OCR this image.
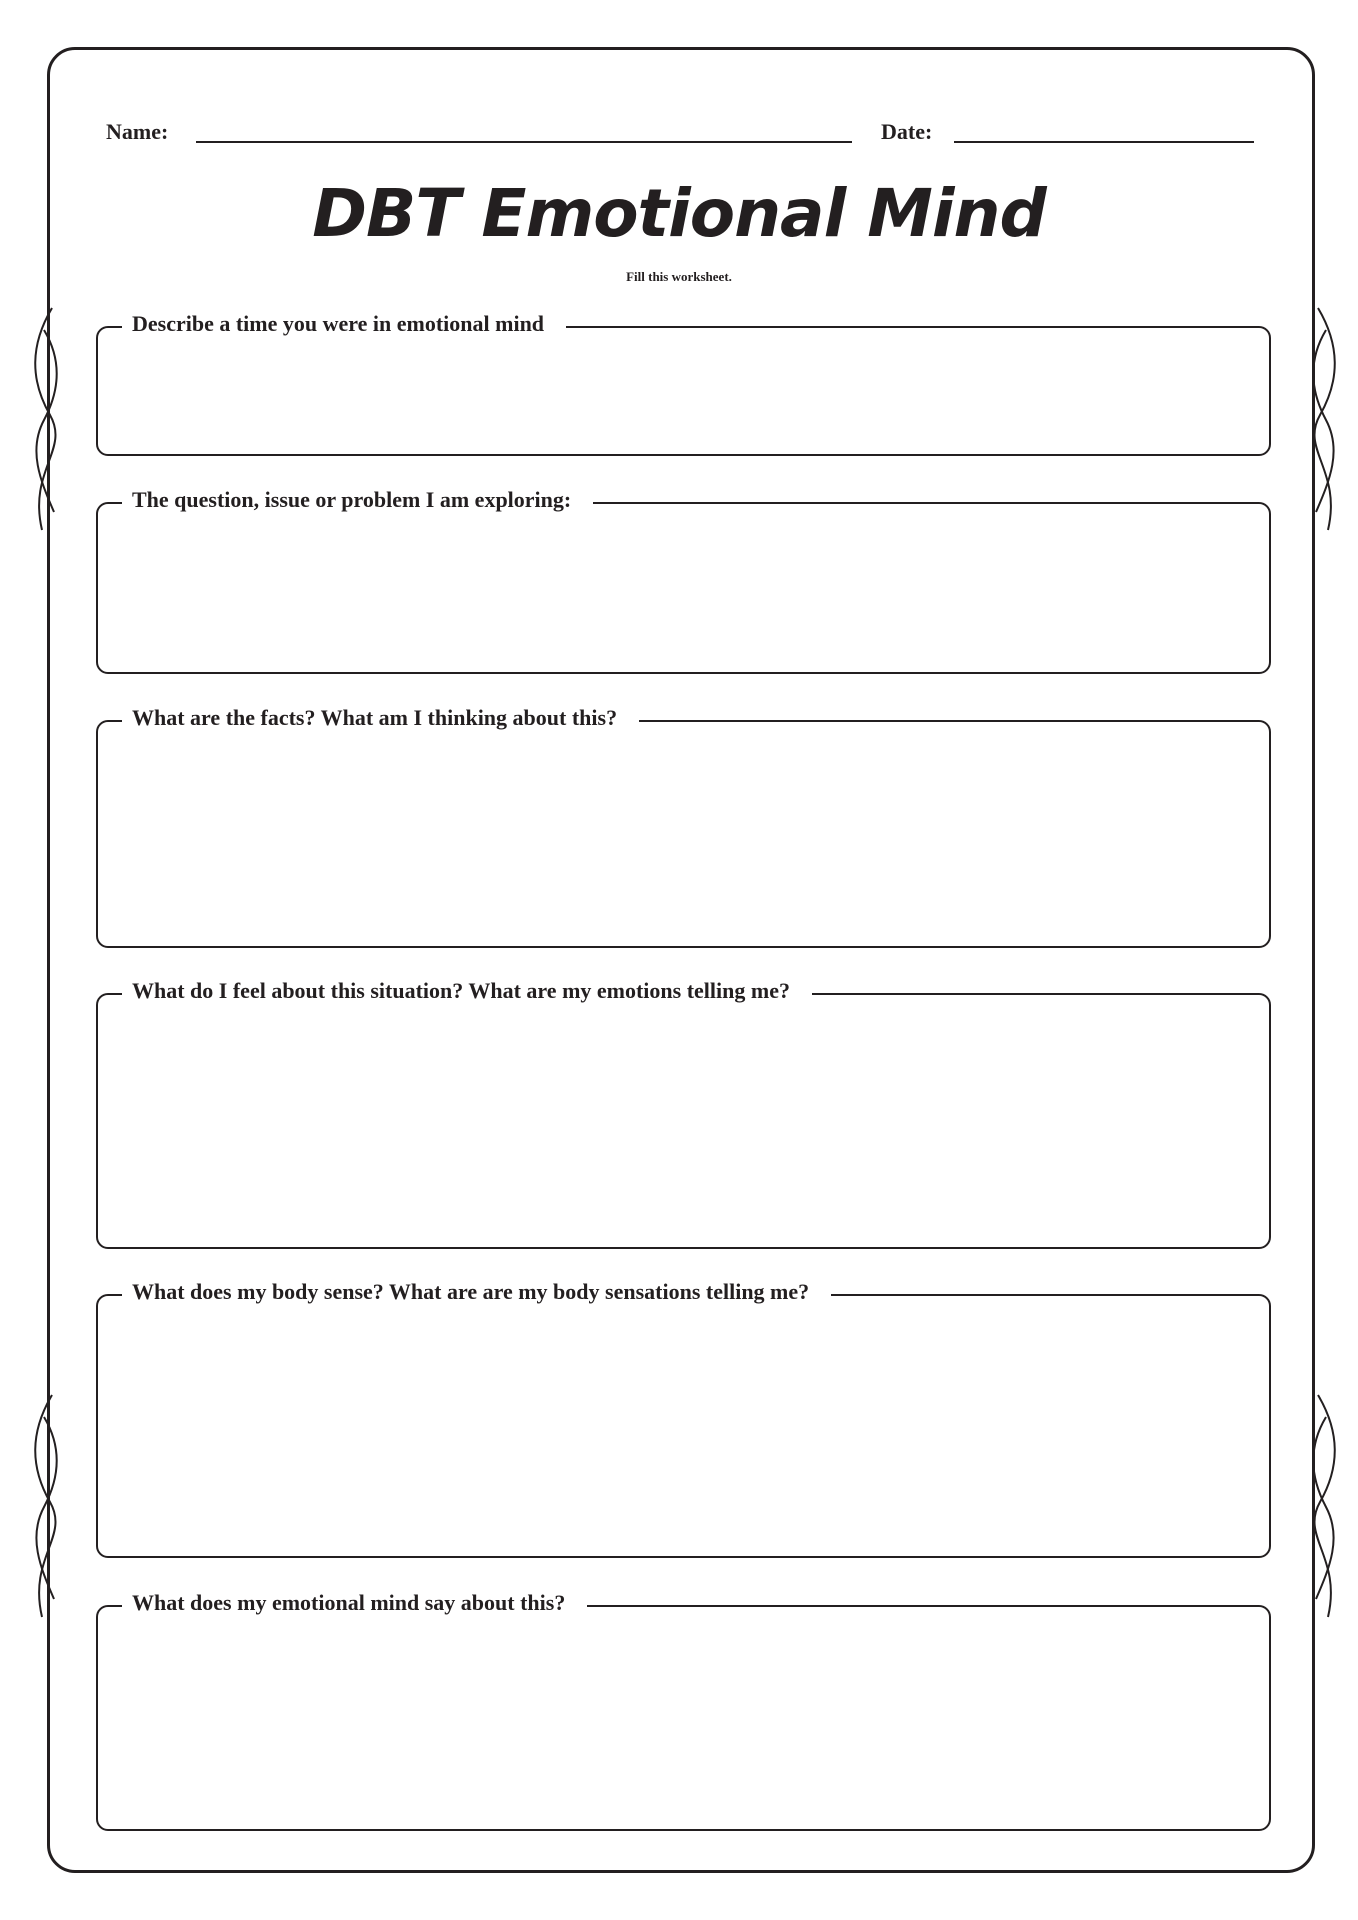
Name:	Date:
DBT Emotional Mind
Fill this worksheet.
Describe a time you were in emotional mind
The question, issue or problem I am exploring:
What are the facts? What am I thinking about this?
What do I feel about this situation? What are my emotions telling me?
What does my body sense? What are are my body sensations telling me?
What does my emotional mind say about this?
